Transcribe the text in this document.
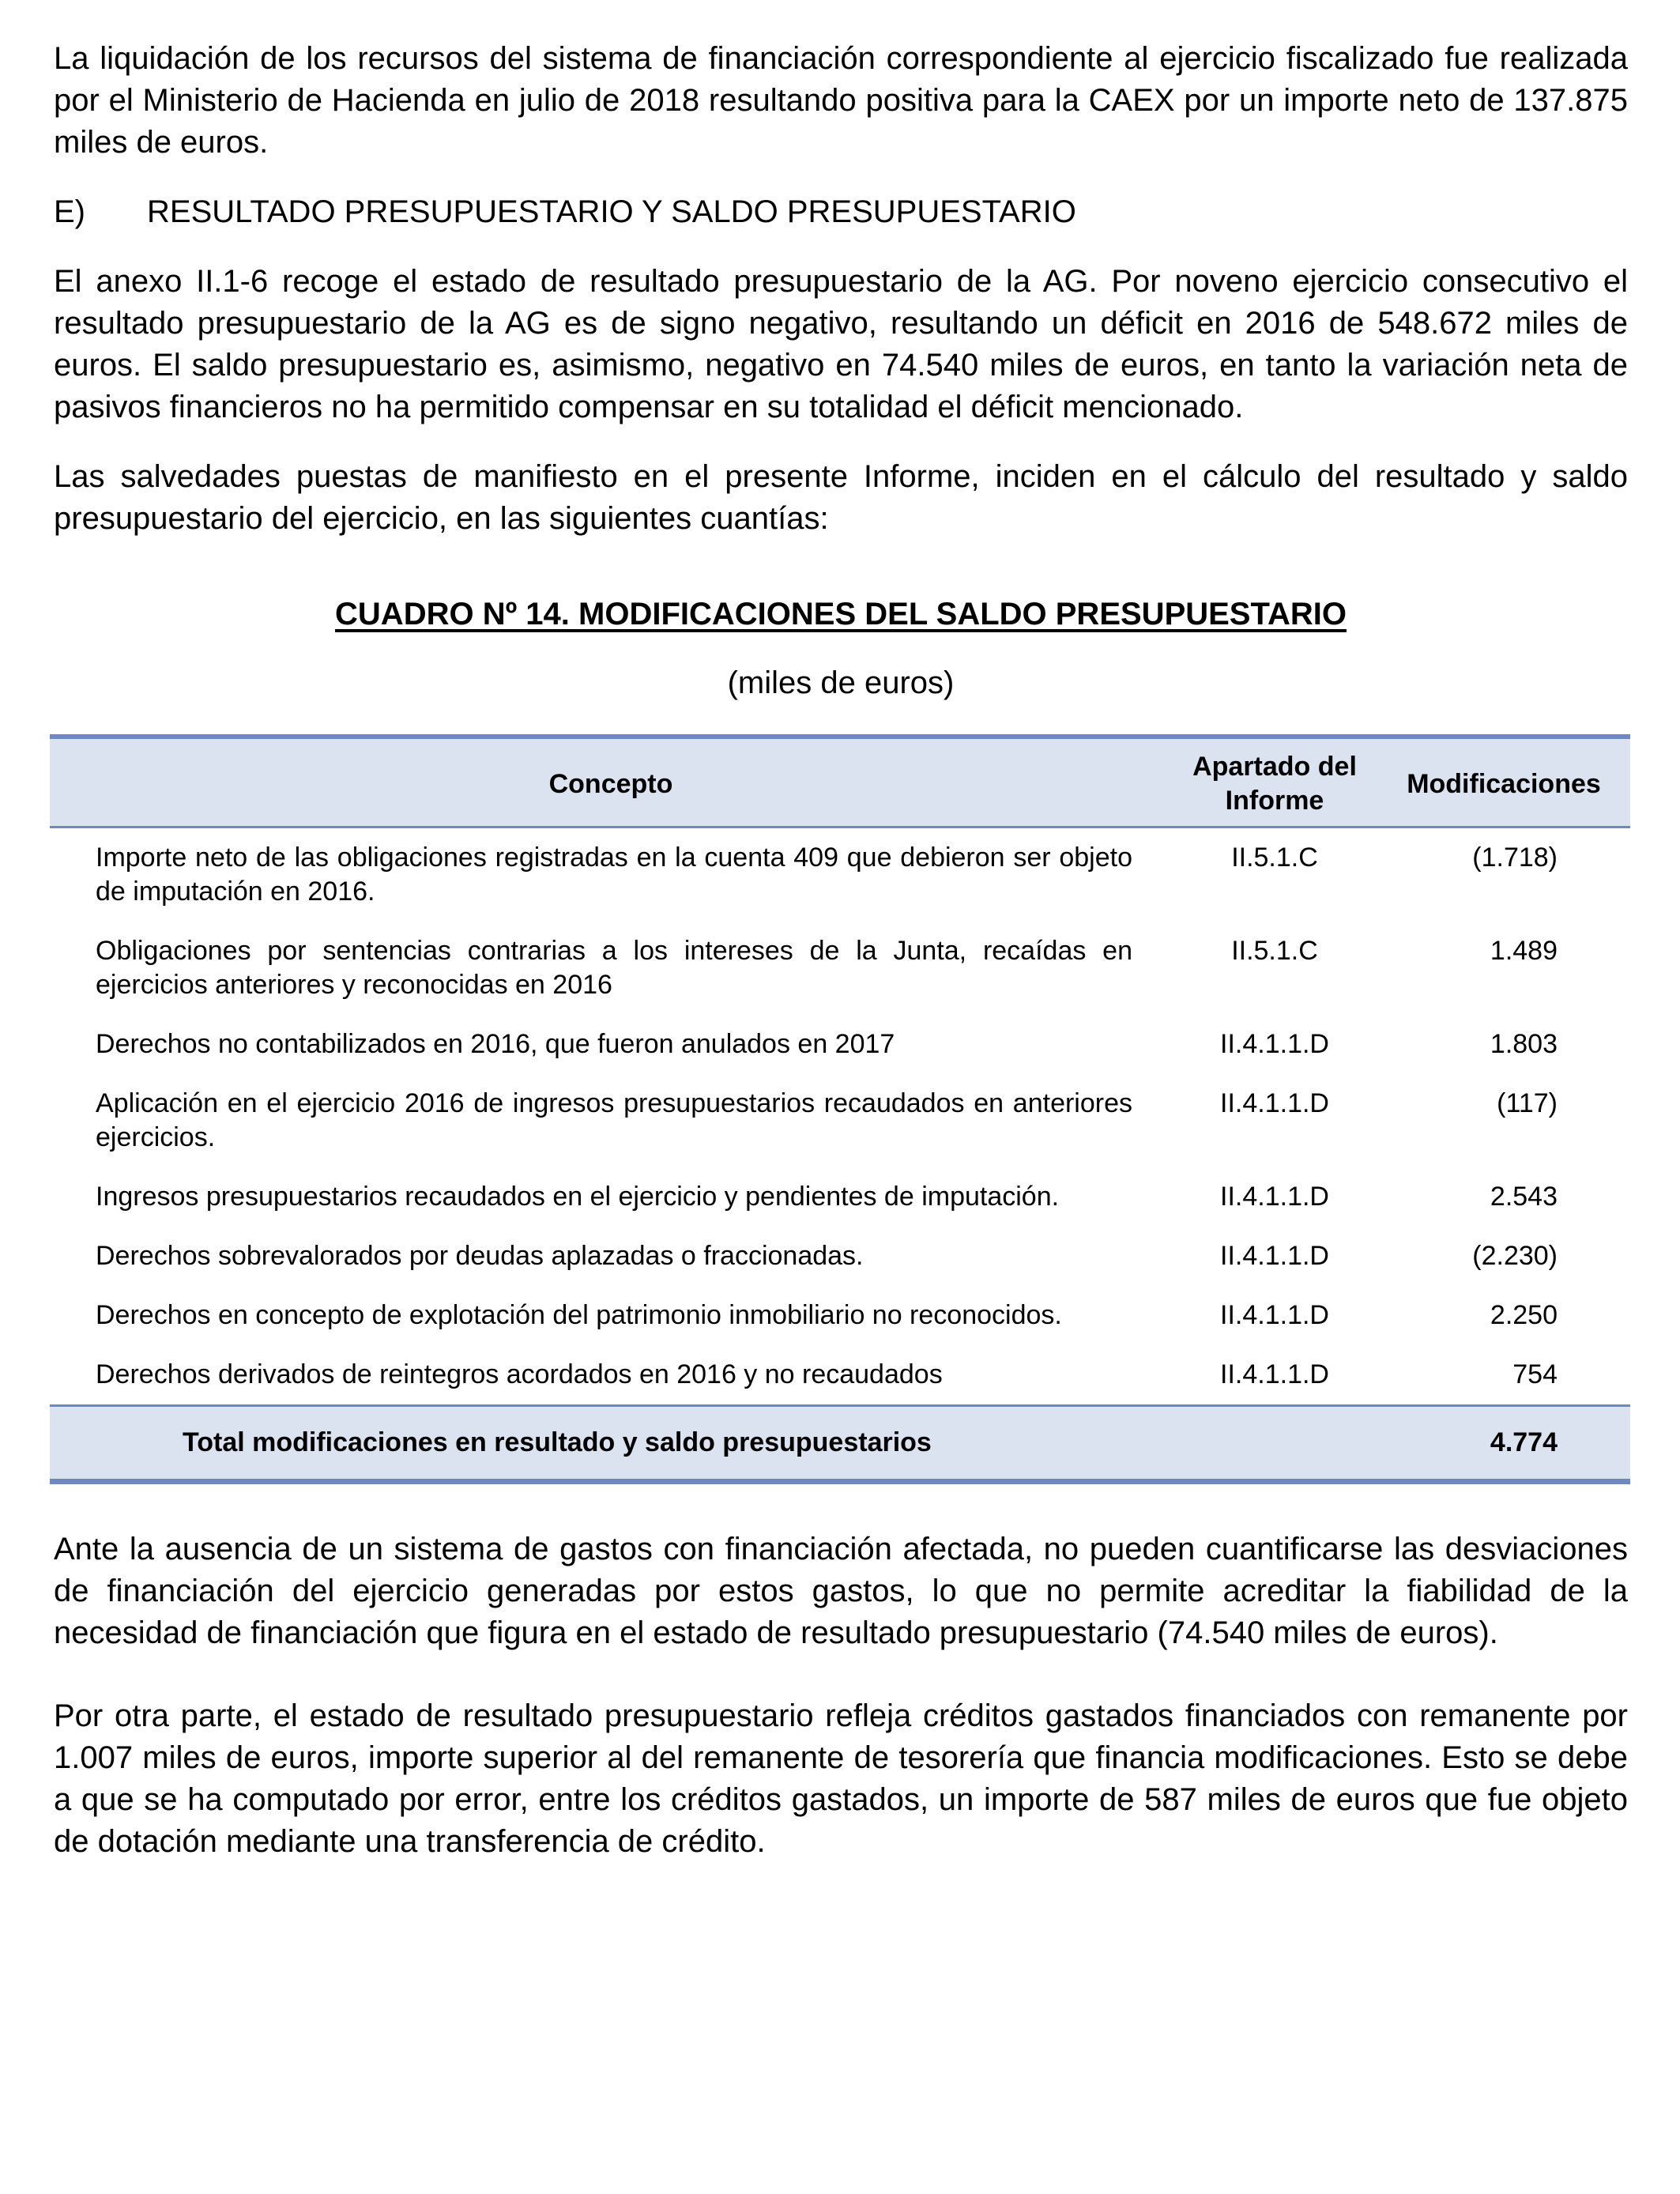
La liquidación de los recursos del sistema de financiación correspondiente al ejercicio fiscalizado fue realizada por el Ministerio de Hacienda en julio de 2018 resultando positiva para la CAEX por un importe neto de 137.875 miles de euros.

E)	RESULTADO PRESUPUESTARIO Y SALDO PRESUPUESTARIO

El anexo II.1-6 recoge el estado de resultado presupuestario de la AG. Por noveno ejercicio consecutivo el resultado presupuestario de la AG es de signo negativo, resultando un déficit en 2016 de 548.672 miles de euros. El saldo presupuestario es, asimismo, negativo en 74.540 miles de euros, en tanto la variación neta de pasivos financieros no ha permitido compensar en su totalidad el déficit mencionado.

Las salvedades puestas de manifiesto en el presente Informe, inciden en el cálculo del resultado y saldo presupuestario del ejercicio, en las siguientes cuantías:

CUADRO Nº 14. MODIFICACIONES DEL SALDO PRESUPUESTARIO

(miles de euros)

Concepto	Apartado del Informe	Modificaciones
Importe neto de las obligaciones registradas en la cuenta 409 que debieron ser objeto de imputación en 2016.	II.5.1.C	(1.718)
Obligaciones por sentencias contrarias a los intereses de la Junta, recaídas en ejercicios anteriores y reconocidas en 2016	II.5.1.C	1.489
Derechos no contabilizados en 2016, que fueron anulados en 2017	II.4.1.1.D	1.803
Aplicación en el ejercicio 2016 de ingresos presupuestarios recaudados en anteriores ejercicios.	II.4.1.1.D	(117)
Ingresos presupuestarios recaudados en el ejercicio y pendientes de imputación.	II.4.1.1.D	2.543
Derechos sobrevalorados por deudas aplazadas o fraccionadas.	II.4.1.1.D	(2.230)
Derechos en concepto de explotación del patrimonio inmobiliario no reconocidos.	II.4.1.1.D	2.250
Derechos derivados de reintegros acordados en 2016 y no recaudados	II.4.1.1.D	754
Total modificaciones en resultado y saldo presupuestarios		4.774

Ante la ausencia de un sistema de gastos con financiación afectada, no pueden cuantificarse las desviaciones de financiación del ejercicio generadas por estos gastos, lo que no permite acreditar la fiabilidad de la necesidad de financiación que figura en el estado de resultado presupuestario (74.540 miles de euros).

Por otra parte, el estado de resultado presupuestario refleja créditos gastados financiados con remanente por 1.007 miles de euros, importe superior al del remanente de tesorería que financia modificaciones. Esto se debe a que se ha computado por error, entre los créditos gastados, un importe de 587 miles de euros que fue objeto de dotación mediante una transferencia de crédito.
